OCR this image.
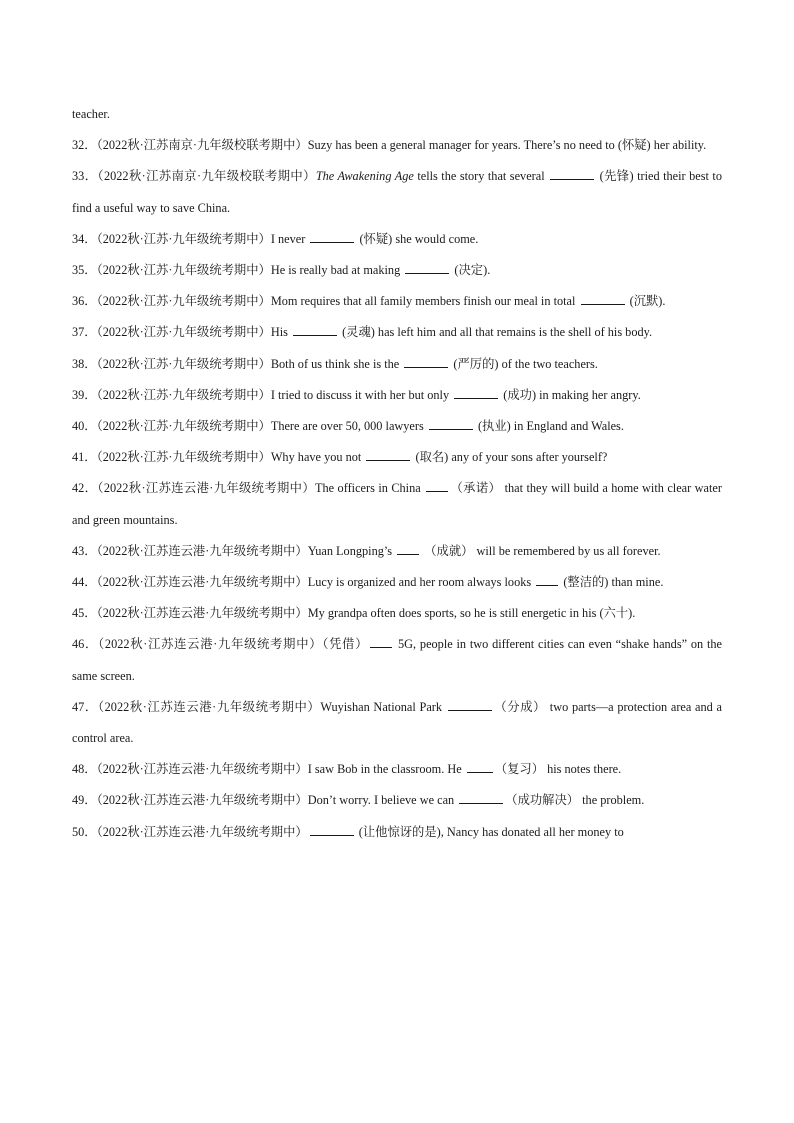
teacher.

32．（2022秋·江苏南京·九年级校联考期中）Suzy has been a general manager for years. There’s no need to (怀疑) her ability.

33．（2022秋·江苏南京·九年级校联考期中）The Awakening Age tells the story that several	(先锋) tried their best to find a useful way to save China.

34．（2022秋·江苏·九年级统考期中）I never	(怀疑) she would come.

35．（2022秋·江苏·九年级统考期中）He is really bad at making	(决定).

36．（2022秋·江苏·九年级统考期中）Mom requires that all family members finish our meal in total	(沉默).

37．（2022秋·江苏·九年级统考期中）His	(灵魂) has left him and all that remains is the shell of his body.

38．（2022秋·江苏·九年级统考期中）Both of us think she is the	(严厉的) of the two teachers.

39．（2022秋·江苏·九年级统考期中）I tried to discuss it with her but only	(成功) in making her angry.

40．（2022秋·江苏·九年级统考期中）There are over 50, 000 lawyers	(执业) in England and Wales.

41．（2022秋·江苏·九年级统考期中）Why have you not	(取名) any of your sons after yourself?

42．（2022秋·江苏连云港·九年级统考期中）The officers in China （承诺） that they will build a home with clear water and green mountains.

43．（2022秋·江苏连云港·九年级统考期中）Yuan Longping’s  （成就） will be remembered by us all forever.

44．（2022秋·江苏连云港·九年级统考期中）Lucy is organized and her room always looks  (整洁的) than mine.

45．（2022秋·江苏连云港·九年级统考期中）My grandpa often does sports, so he is still energetic in his (六十).

46．（2022秋·江苏连云港·九年级统考期中）（凭借） 5G, people in two different cities can even “shake hands” on the same screen.

47．（2022秋·江苏连云港·九年级统考期中）Wuyishan National Park	（分成） two parts—a protection area and a control area.

48．（2022秋·江苏连云港·九年级统考期中）I saw Bob in the classroom. He （复习） his notes there.

49．（2022秋·江苏连云港·九年级统考期中）Don’t worry. I believe we can	（成功解决） the problem.

50．（2022秋·江苏连云港·九年级统考期中）	(让他惊讶的是), Nancy has donated all her money to
